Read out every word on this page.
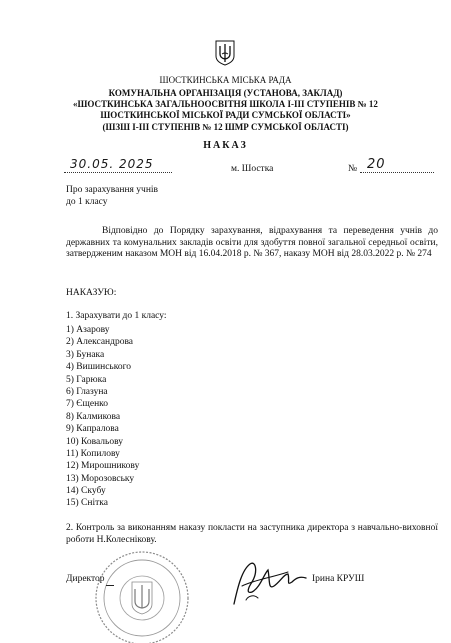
ШОСТКИНСЬКА МІСЬКА РАДА
КОМУНАЛЬНА ОРГАНІЗАЦІЯ (УСТАНОВА, ЗАКЛАД)
«ШОСТКИНСЬКА ЗАГАЛЬНООСВІТНЯ ШКОЛА І-ІІІ СТУПЕНІВ № 12
ШОСТКИНСЬКОЇ МІСЬКОЇ РАДИ СУМСЬКОЇ ОБЛАСТІ»
(ШЗШ І-ІІІ СТУПЕНІВ № 12 ШМР СУМСЬКОЇ ОБЛАСТІ)
НАКАЗ
30.05. 2025	м. Шостка	№ 20
Про зарахування учнів
до 1 класу
Відповідно до Порядку зарахування, відрахування та переведення учнів до державних та комунальних закладів освіти для здобуття повної загальної середньої освіти, затвердженим наказом МОН від 16.04.2018 р. № 367, наказу МОН від 28.03.2022 р. № 274
НАКАЗУЮ:
1. Зарахувати до 1 класу:
1) Азарову
2) Александрова
3) Бунака
4) Вишинського
5) Гарюка
6) Глазуна
7) Єщенко
8) Калмикова
9) Капралова
10) Ковальову
11) Копилову
12) Мирошникову
13) Морозовську
14) Скубу
15) Снітка
2. Контроль за виконанням наказу покласти на заступника директора з навчально-виховної роботи Н.Колеснікову.
Директор	Ірина КРУШ
